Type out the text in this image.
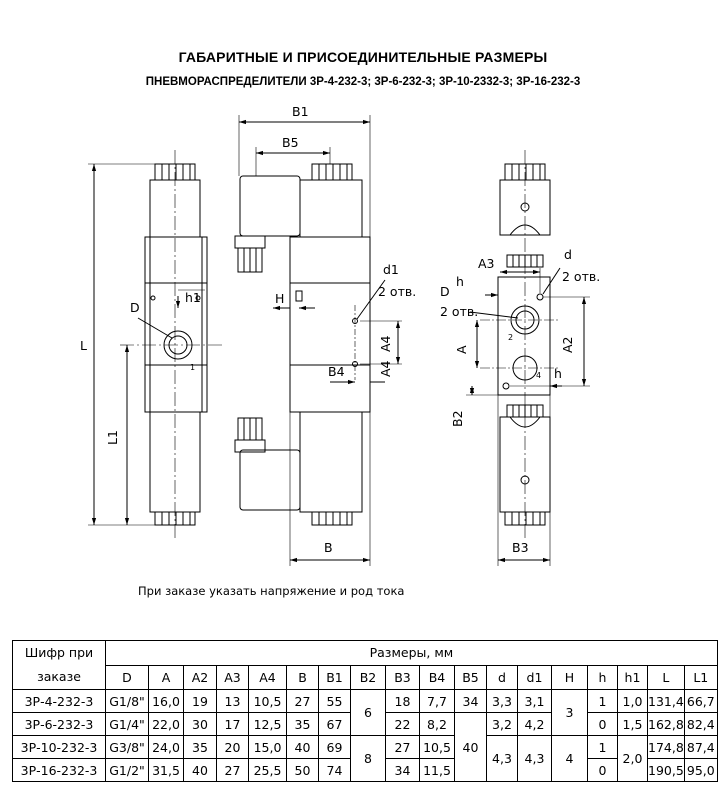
ГАБАРИТНЫЕ И ПРИСОЕДИНИТЕЛЬНЫЕ РАЗМЕРЫ
ПНЕВМОРАСПРЕДЕЛИТЕЛИ 3Р-4-232-3; 3Р-6-232-3; 3Р-10-2332-3; 3Р-16-232-3
B1
B5
L
L1
D
h1
1
H
d1
2 отв.
A4
A4
B4
B
A3
d
2 отв.
h
D
2 отв.
2
4
A	A2
h
B2
B3
При заказе указать напряжение и род тока
Шифр при заказе	Размеры, мм																	
	D	A	A2	A3	A4	B	B1	B2	B3	B4	B5	d	d1	H	h	h1	L	L1
3Р-4-232-3	G1/8"	16,0	19	13	10,5	27	55	6	18	7,7	34	3,3	3,1	3	1	1,0	131,4	66,7
3Р-6-232-3	G1/4"	22,0	30	17	12,5	35	67		22	8,2	40	3,2	4,2		0	1,5	162,8	82,4
3Р-10-232-3	G3/8"	24,0	35	20	15,0	40	69	8	27	10,5		4,3	4,3	4	1	2,0	174,8	87,4
3Р-16-232-3	G1/2"	31,5	40	27	25,5	50	74		34	11,5					0		190,5	95,0
